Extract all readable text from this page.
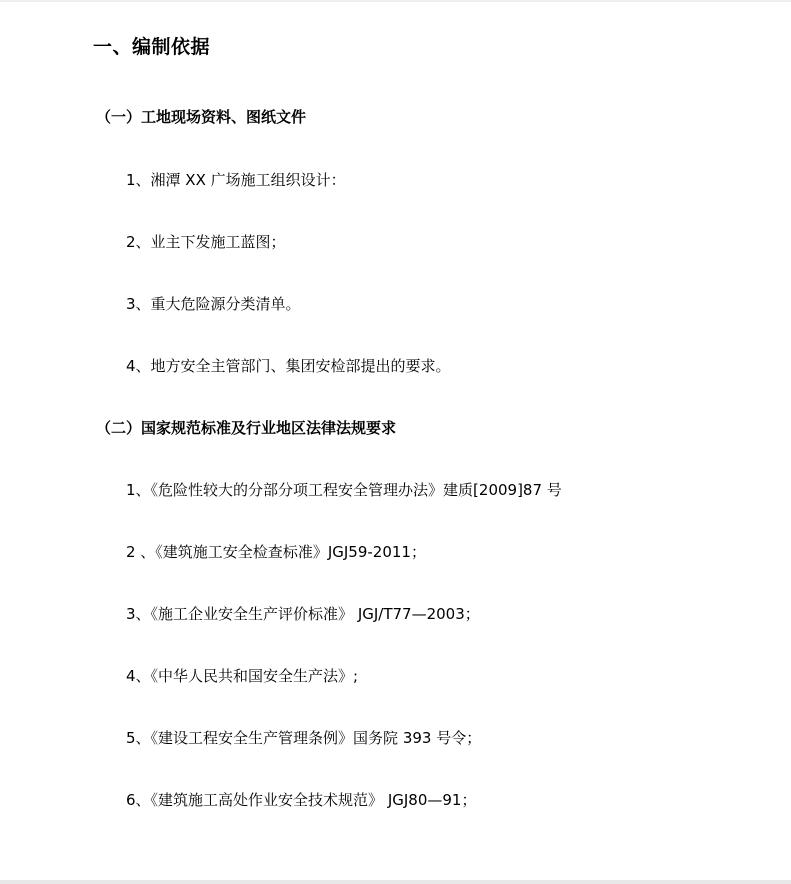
一、编制依据
（一）工地现场资料、图纸文件
1、湘潭 XX 广场施工组织设计：
2、业主下发施工蓝图；
3、重大危险源分类清单。
4、地方安全主管部门、集团安检部提出的要求。
（二）国家规范标准及行业地区法律法规要求
1、《危险性较大的分部分项工程安全管理办法》建质[2009]87 号
2 、《建筑施工安全检查标准》JGJ59-2011；
3、《施工企业安全生产评价标准》 JGJ/T77—2003；
4、《中华人民共和国安全生产法》;
5、《建设工程安全生产管理条例》国务院 393 号令；
6、《建筑施工高处作业安全技术规范》 JGJ80—91；
